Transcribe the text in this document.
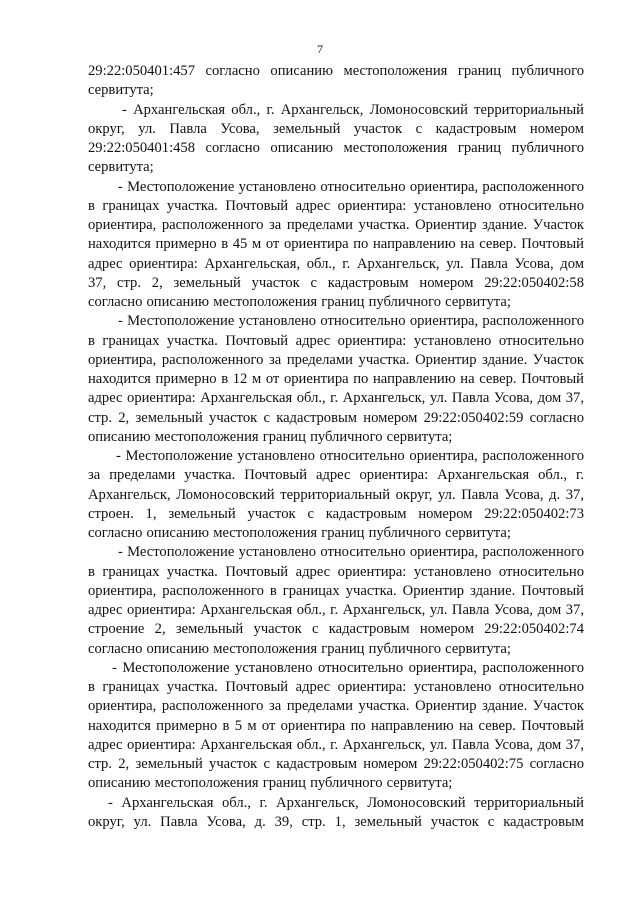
7

29:22:050401:457 согласно описанию местоположения границ публичного сервитута;

- Архангельская обл., г. Архангельск, Ломоносовский территориальный округ, ул. Павла Усова, земельный участок с кадастровым номером 29:22:050401:458 согласно описанию местоположения границ публичного сервитута;

- Местоположение установлено относительно ориентира, расположенного в границах участка. Почтовый адрес ориентира: установлено относительно ориентира, расположенного за пределами участка. Ориентир здание. Участок находится примерно в 45 м от ориентира по направлению на север. Почтовый адрес ориентира: Архангельская, обл., г. Архангельск, ул. Павла Усова, дом 37, стр. 2, земельный участок с кадастровым номером 29:22:050402:58 согласно описанию местоположения границ публичного сервитута;

- Местоположение установлено относительно ориентира, расположенного в границах участка. Почтовый адрес ориентира: установлено относительно ориентира, расположенного за пределами участка. Ориентир здание. Участок находится примерно в 12 м от ориентира по направлению на север. Почтовый адрес ориентира: Архангельская обл., г. Архангельск, ул. Павла Усова, дом 37, стр. 2, земельный участок с кадастровым номером 29:22:050402:59 согласно описанию местоположения границ публичного сервитута;

- Местоположение установлено относительно ориентира, расположенного за пределами участка. Почтовый адрес ориентира: Архангельская обл., г. Архангельск, Ломоносовский территориальный округ, ул. Павла Усова, д. 37, строен. 1, земельный участок с кадастровым номером 29:22:050402:73 согласно описанию местоположения границ публичного сервитута;

- Местоположение установлено относительно ориентира, расположенного в границах участка. Почтовый адрес ориентира: установлено относительно ориентира, расположенного в границах участка. Ориентир здание. Почтовый адрес ориентира: Архангельская обл., г. Архангельск, ул. Павла Усова, дом 37, строение 2, земельный участок с кадастровым номером 29:22:050402:74 согласно описанию местоположения границ публичного сервитута;

- Местоположение установлено относительно ориентира, расположенного в границах участка. Почтовый адрес ориентира: установлено относительно ориентира, расположенного за пределами участка. Ориентир здание. Участок находится примерно в 5 м от ориентира по направлению на север. Почтовый адрес ориентира: Архангельская обл., г. Архангельск, ул. Павла Усова, дом 37, стр. 2, земельный участок с кадастровым номером 29:22:050402:75 согласно описанию местоположения границ публичного сервитута;

- Архангельская обл., г. Архангельск, Ломоносовский территориальный округ, ул. Павла Усова, д. 39, стр. 1, земельный участок с кадастровым
